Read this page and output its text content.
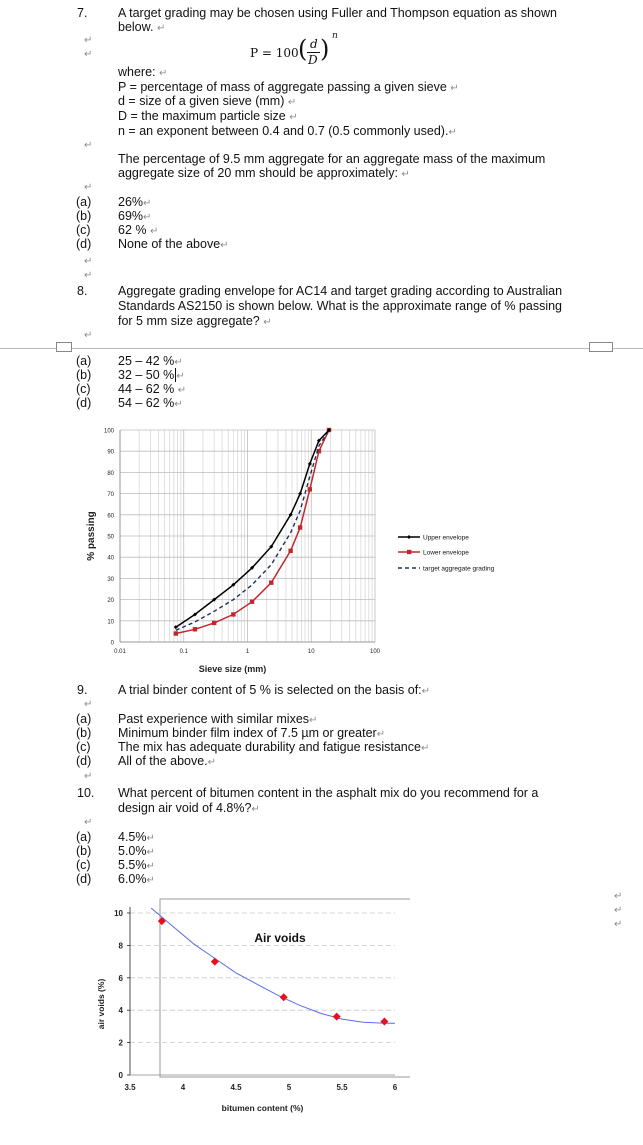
7. A target grading may be chosen using Fuller and Thompson equation as shown
below. ↵
↵
↵	P = 100 ( d
D ) n
where: ↵
P = percentage of mass of aggregate passing a given sieve ↵
d = size of a given sieve (mm) ↵
D = the maximum particle size ↵
n = an exponent between 0.4 and 0.7 (0.5 commonly used).↵
↵
The percentage of 9.5 mm aggregate for an aggregate mass of the maximum
aggregate size of 20 mm should be approximately: ↵
↵
(a) 26%↵
(b) 69%↵
(c) 62 % ↵
(d) None of the above↵
↵
↵
8. Aggregate grading envelope for AC14 and target grading according to Australian
Standards AS2150 is shown below. What is the approximate range of % passing
for 5 mm size aggregate? ↵
↵
(a) 25 – 42 %↵
(b) 32 – 50 % ↵
(c) 44 – 62 % ↵
(d) 54 – 62 %↵
0
10
20
30
40
50
60
70
80
90
100
0.01	0.1	1	10	100
Sieve size (mm)
% passing	Upper envelope
Lower envelope
target aggregate grading
9. A trial binder content of 5 % is selected on the basis of:↵
↵
(a) Past experience with similar mixes↵
(b) Minimum binder film index of 7.5 µm or greater↵
(c) The mix has adequate durability and fatigue resistance↵
(d) All of the above.↵
↵
10. What percent of bitumen content in the asphalt mix do you recommend for a
design air void of 4.8%?↵
↵
(a) 4.5%↵
(b) 5.0%↵
(c) 5.5%↵
(d) 6.0%↵
↵
↵
↵
0
2
4
6
8
10
3.5	4	4.5	5	5.5	6
bitumen content (%)
air voids (%)
Air voids
